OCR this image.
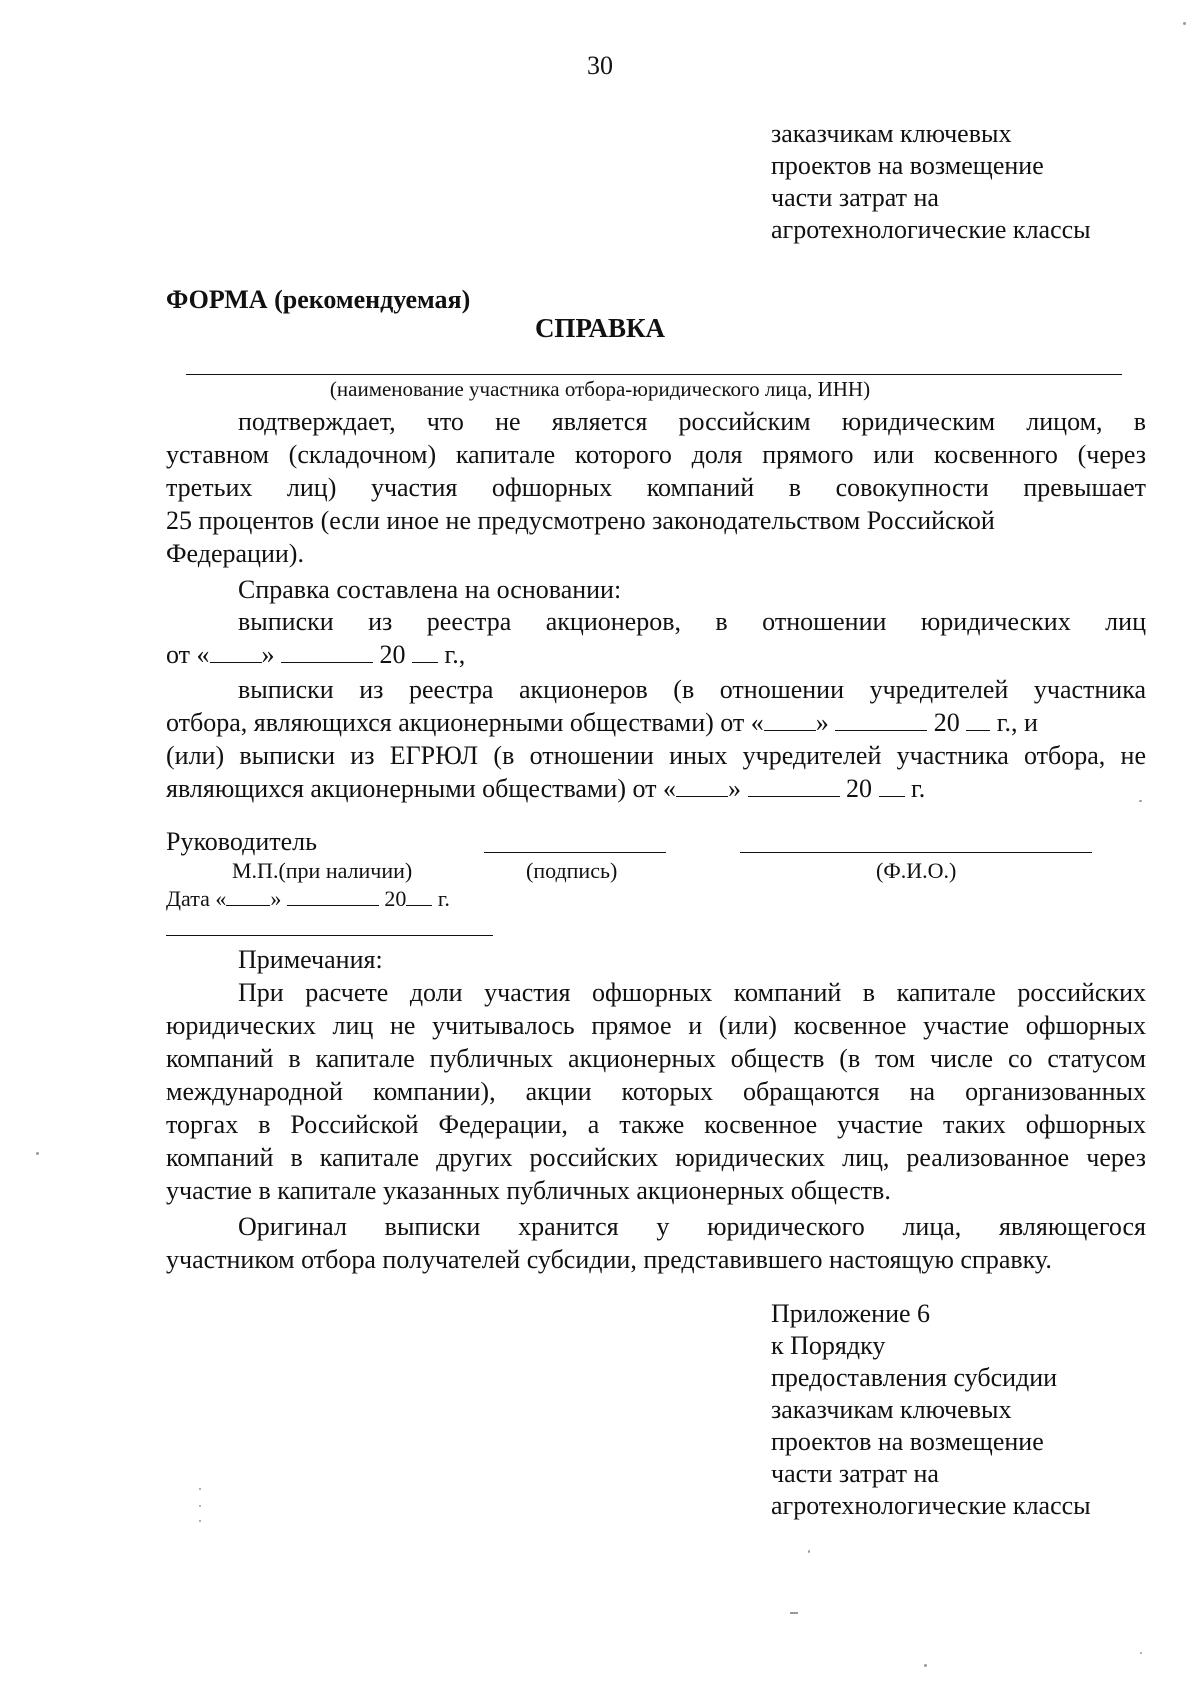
30
заказчикам ключевых
проектов на возмещение
части затрат на
агротехнологические классы
ФОРМА (рекомендуемая)
СПРАВКА
(наименование участника отбора-юридического лица, ИНН)
подтверждает, что не является российским юридическим лицом, в
уставном (складочном) капитале которого доля прямого или косвенного (через
третьих лиц) участия офшорных компаний в совокупности превышает
25 процентов (если иное не предусмотрено законодательством Российской
Федерации).
Справка составлена на основании:
выписки из реестра акционеров, в отношении юридических лиц
от « »	20 г.,
выписки из реестра акционеров (в отношении учредителей участника
отбора, являющихся акционерными обществами) от « »	20 г., и
(или) выписки из ЕГРЮЛ (в отношении иных учредителей участника отбора, не
являющихся акционерными обществами) от « »	20 г.
Руководитель
М.П.(при наличии)	(подпись)	(Ф.И.О.)
Дата « »	20 г.
Примечания:
При расчете доли участия офшорных компаний в капитале российских
юридических лиц не учитывалось прямое и (или) косвенное участие офшорных
компаний в капитале публичных акционерных обществ (в том числе со статусом
международной компании), акции которых обращаются на организованных
торгах в Российской Федерации, а также косвенное участие таких офшорных
компаний в капитале других российских юридических лиц, реализованное через
участие в капитале указанных публичных акционерных обществ.
Оригинал выписки хранится у юридического лица, являющегося
участником отбора получателей субсидии, представившего настоящую справку.
Приложение 6
к Порядку
предоставления субсидии
заказчикам ключевых
проектов на возмещение
части затрат на
агротехнологические классы
